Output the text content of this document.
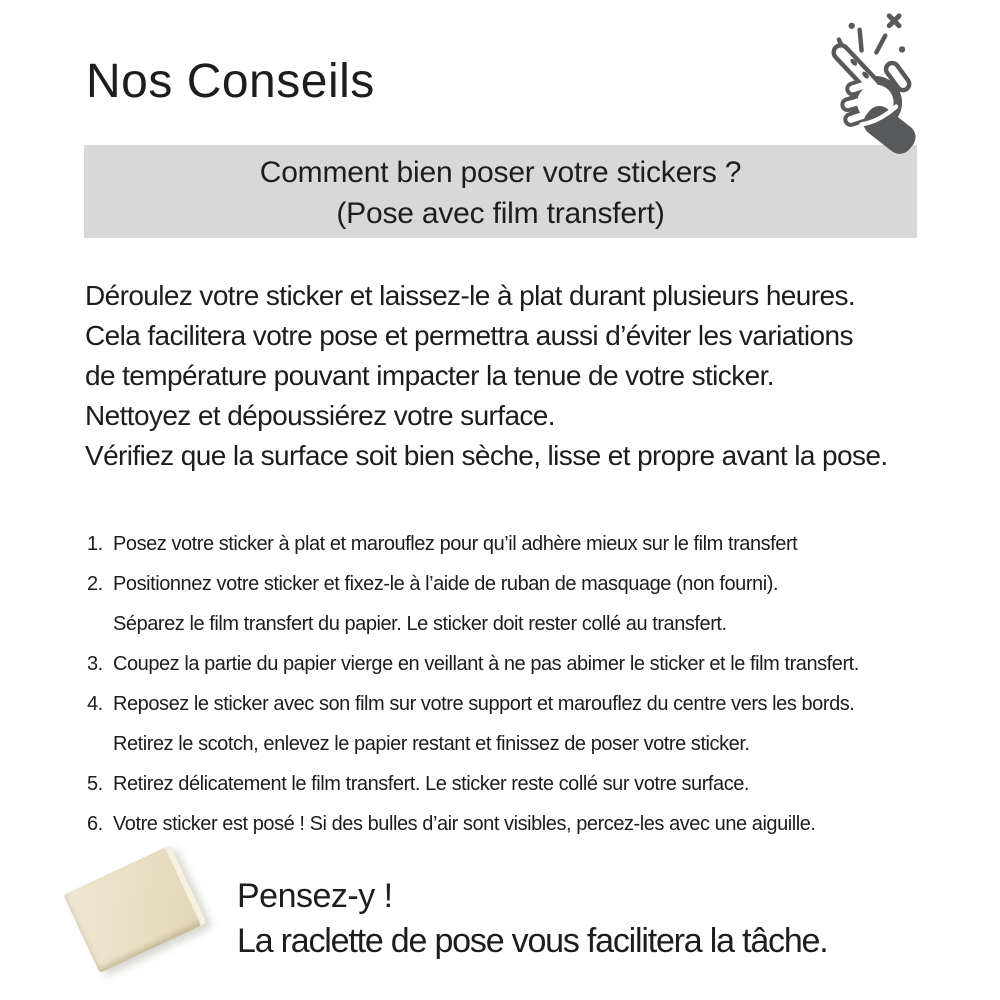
Nos Conseils
Comment bien poser votre stickers ?
(Pose avec film transfert)
Déroulez votre sticker et laissez-le à plat durant plusieurs heures.
Cela facilitera votre pose et permettra aussi d’éviter les variations
de température pouvant impacter la tenue de votre sticker.
Nettoyez et dépoussiérez votre surface.
Vérifiez que la surface soit bien sèche, lisse et propre avant la pose.
1. Posez votre sticker à plat et marouflez pour qu’il adhère mieux sur le film transfert
2. Positionnez votre sticker et fixez-le à l’aide de ruban de masquage (non fourni).
Séparez le film transfert du papier. Le sticker doit rester collé au transfert.
3. Coupez la partie du papier vierge en veillant à ne pas abimer le sticker et le film transfert.
4. Reposez le sticker avec son film sur votre support et marouflez du centre vers les bords.
Retirez le scotch, enlevez le papier restant et finissez de poser votre sticker.
5. Retirez délicatement le film transfert. Le sticker reste collé sur votre surface.
6. Votre sticker est posé ! Si des bulles d’air sont visibles, percez-les avec une aiguille.
Pensez-y !
La raclette de pose vous facilitera la tâche.
